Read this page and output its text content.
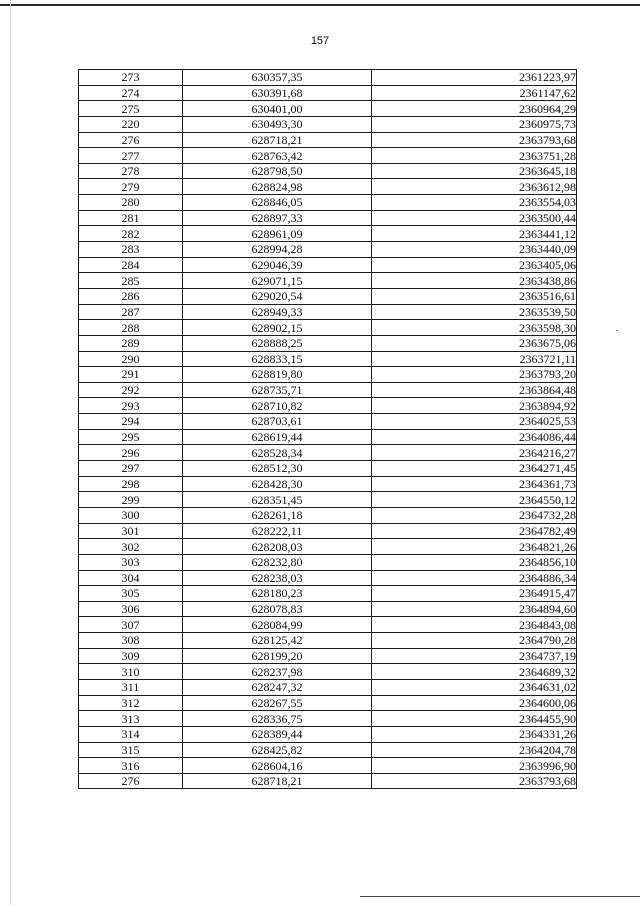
157
273	630357,35	2361223,97
274	630391,68	2361147,62
275	630401,00	2360964,29
220	630493,30	2360975,73
276	628718,21	2363793,68
277	628763,42	2363751,28
278	628798,50	2363645,18
279	628824,98	2363612,98
280	628846,05	2363554,03
281	628897,33	2363500,44
282	628961,09	2363441,12
283	628994,28	2363440,09
284	629046,39	2363405,06
285	629071,15	2363438,86
286	629020,54	2363516,61
287	628949,33	2363539,50
288	628902,15	2363598,30
289	628888,25	2363675,06
290	628833,15	2363721,11
291	628819,80	2363793,20
292	628735,71	2363864,48
293	628710,82	2363894,92
294	628703,61	2364025,53
295	628619,44	2364086,44
296	628528,34	2364216,27
297	628512,30	2364271,45
298	628428,30	2364361,73
299	628351,45	2364550,12
300	628261,18	2364732,28
301	628222,11	2364782,49
302	628208,03	2364821,26
303	628232,80	2364856,10
304	628238,03	2364886,34
305	628180,23	2364915,47
306	628078,83	2364894,60
307	628084,99	2364843,08
308	628125,42	2364790,28
309	628199,20	2364737,19
310	628237,98	2364689,32
311	628247,32	2364631,02
312	628267,55	2364600,06
313	628336,75	2364455,90
314	628389,44	2364331,26
315	628425,82	2364204,78
316	628604,16	2363996,90
276	628718,21	2363793,68
